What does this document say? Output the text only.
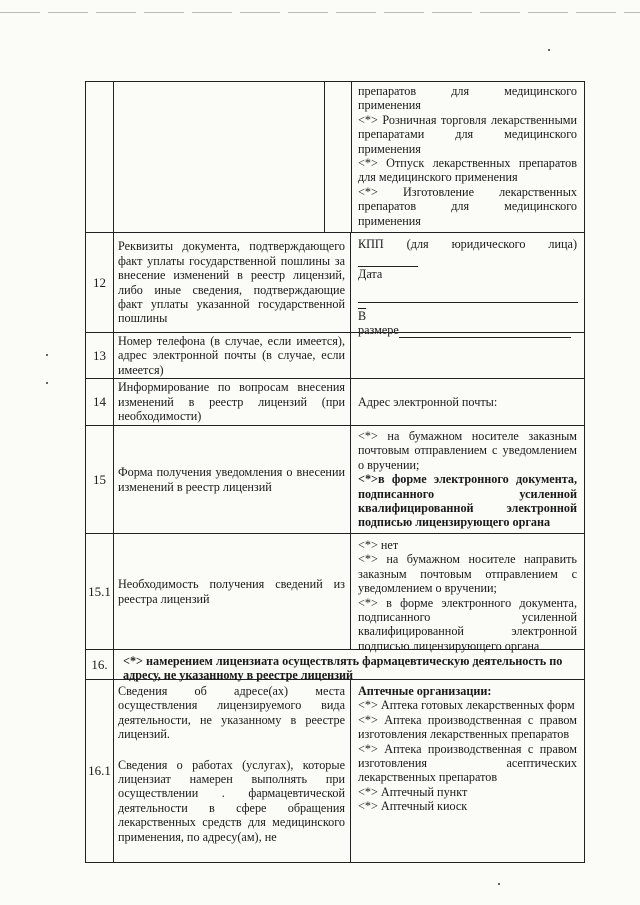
препаратов для медицинского применения

<*> Розничная торговля лекарственными препаратами для медицинского применения

<*> Отпуск лекарственных препаратов для медицинского применения

<*> Изготовление лекарственных препаратов для медицинского применения

12

Реквизиты документа, подтверждающего факт уплаты государственной пошлины за внесение изменений в реестр лицензий, либо иные сведения, подтверждающие факт уплаты указанной государственной пошлины

КПП (для юридического лица)

Дата

В

размере

13

Номер телефона (в случае, если имеется), адрес электронной почты (в случае, если имеется)

14

Информирование по вопросам внесения изменений в реестр лицензий (при необходимости)

Адрес электронной почты:

15 Форма получения уведомления о внесении изменений в реестр лицензий

<*> на бумажном носителе заказным почтовым отправлением с уведомлением о вручении;

<*>в форме электронного документа, подписанного усиленной квалифицированной электронной подписью лицензирующего органа

15.1 Необходимость получения сведений из реестра лицензий

<*> нет

<*> на бумажном носителе направить заказным почтовым отправлением с уведомлением о вручении;

<*> в форме электронного документа, подписанного усиленной квалифицированной электронной подписью лицензирующего органа

16.	<*> намерением лицензиата осуществлять фармацевтическую деятельность по адресу, не указанному в реестре лицензий
16.1

Сведения об адресе(ах) места осуществления лицензируемого вида деятельности, не указанному в реестре лицензий.

Сведения о работах (услугах), которые лицензиат намерен выполнять при осуществлении . фармацевтической деятельности в сфере обращения лекарственных средств для медицинского применения, по адресу(ам), не

Аптечные организации:

<*> Аптека готовых лекарственных форм

<*> Аптека производственная с правом изготовления лекарственных препаратов

<*> Аптека производственная с правом изготовления асептических лекарственных препаратов

<*> Аптечный пункт

<*> Аптечный киоск
